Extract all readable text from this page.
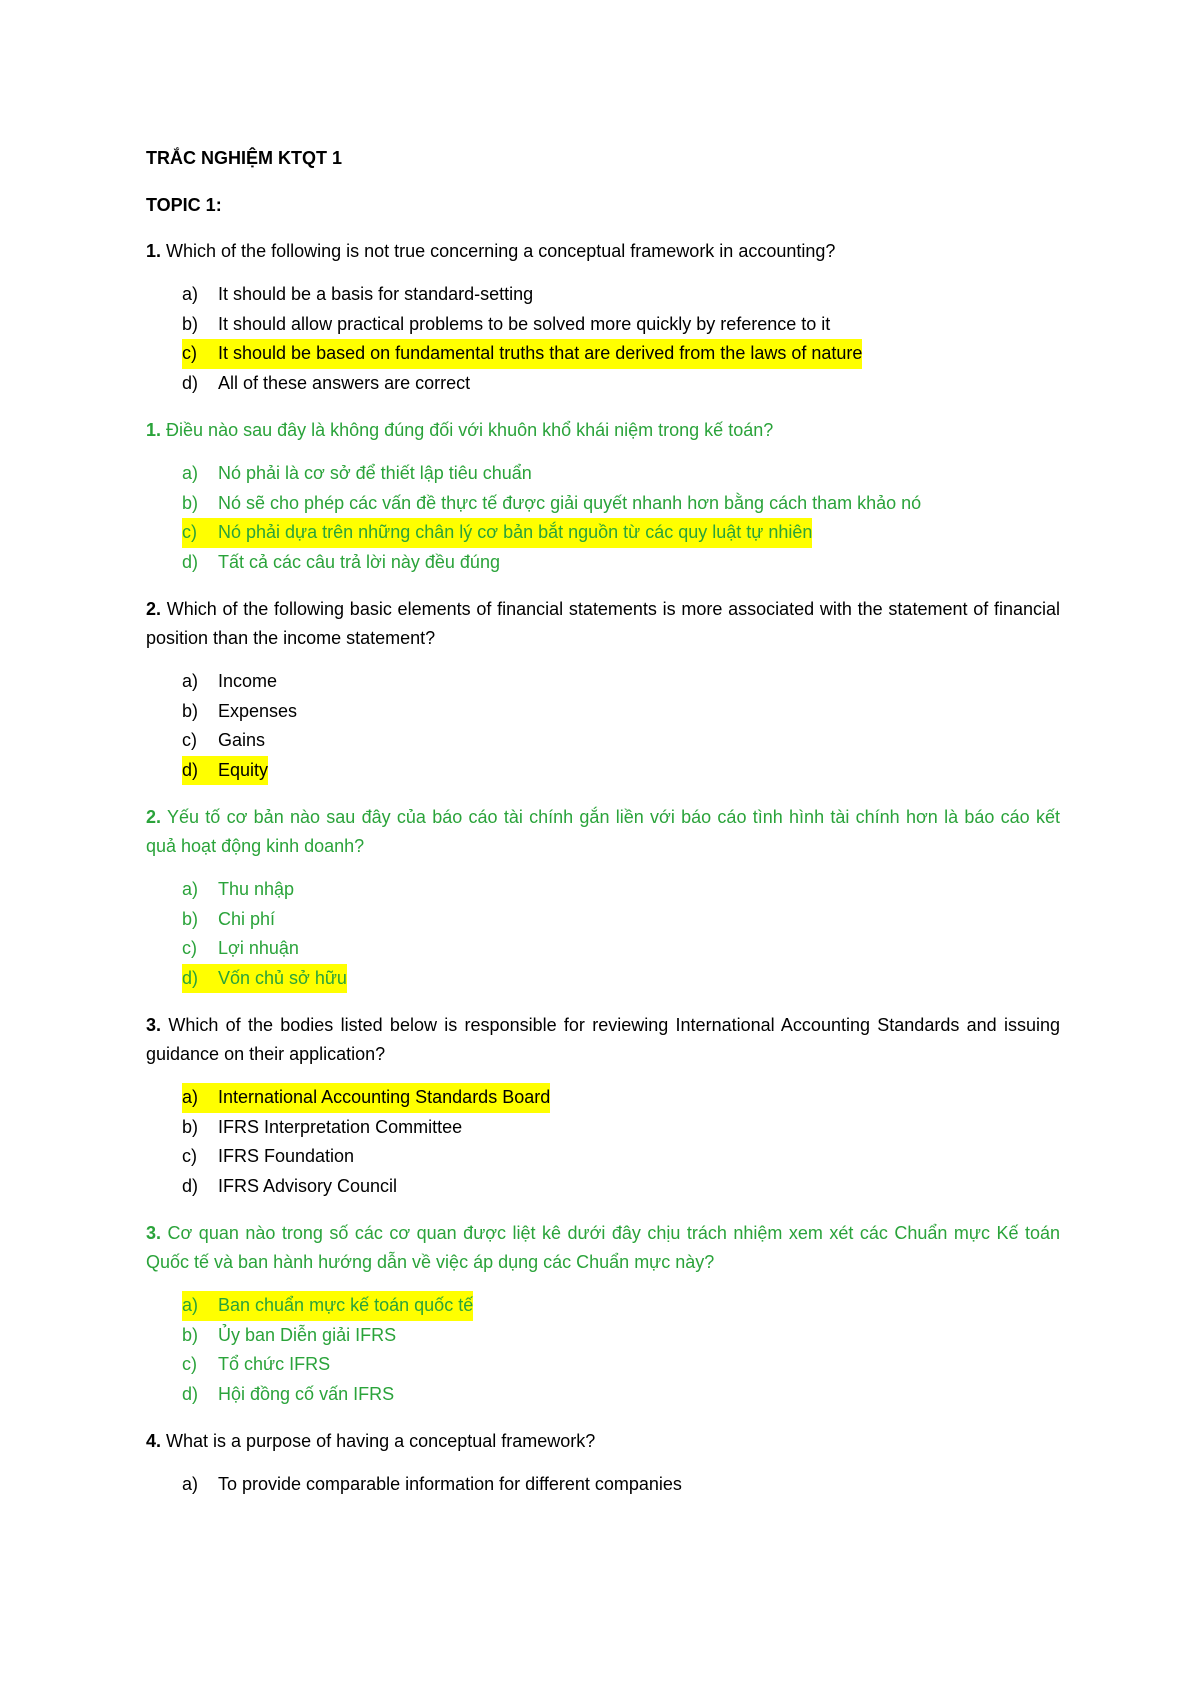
TRẮC NGHIỆM KTQT 1

TOPIC 1:

1. Which of the following is not true concerning a conceptual framework in accounting?

a)	It should be a basis for standard-setting
b)	It should allow practical problems to be solved more quickly by reference to it
c)	It should be based on fundamental truths that are derived from the laws of nature
d)	All of these answers are correct

1. Điều nào sau đây là không đúng đối với khuôn khổ khái niệm trong kế toán?

a)	Nó phải là cơ sở để thiết lập tiêu chuẩn
b)	Nó sẽ cho phép các vấn đề thực tế được giải quyết nhanh hơn bằng cách tham khảo nó
c)	Nó phải dựa trên những chân lý cơ bản bắt nguồn từ các quy luật tự nhiên
d)	Tất cả các câu trả lời này đều đúng

2. Which of the following basic elements of financial statements is more associated with the statement of financial position than the income statement?

a)	Income
b)	Expenses
c)	Gains
d)	Equity

2. Yếu tố cơ bản nào sau đây của báo cáo tài chính gắn liền với báo cáo tình hình tài chính hơn là báo cáo kết quả hoạt động kinh doanh?

a)	Thu nhập
b)	Chi phí
c)	Lợi nhuận
d)	Vốn chủ sở hữu

3. Which of the bodies listed below is responsible for reviewing International Accounting Standards and issuing guidance on their application?

a)	International Accounting Standards Board
b)	IFRS Interpretation Committee
c)	IFRS Foundation
d)	IFRS Advisory Council

3. Cơ quan nào trong số các cơ quan được liệt kê dưới đây chịu trách nhiệm xem xét các Chuẩn mực Kế toán Quốc tế và ban hành hướng dẫn về việc áp dụng các Chuẩn mực này?

a)	Ban chuẩn mực kế toán quốc tế
b)	Ủy ban Diễn giải IFRS
c)	Tổ chức IFRS
d)	Hội đồng cố vấn IFRS

4. What is a purpose of having a conceptual framework?

a)	To provide comparable information for different companies
